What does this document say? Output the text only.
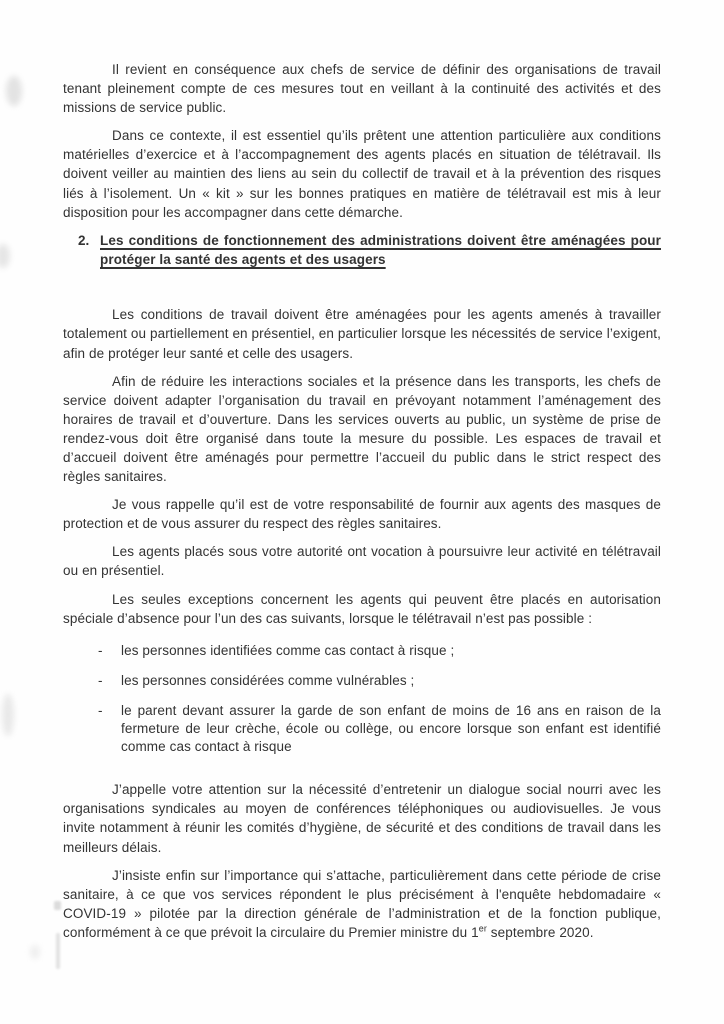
Il revient en conséquence aux chefs de service de définir des organisations de travail tenant pleinement compte de ces mesures tout en veillant à la continuité des activités et des missions de service public.

Dans ce contexte, il est essentiel qu’ils prêtent une attention particulière aux conditions matérielles d’exercice et à l’accompagnement des agents placés en situation de télétravail. Ils doivent veiller au maintien des liens au sein du collectif de travail et à la prévention des risques liés à l’isolement. Un « kit » sur les bonnes pratiques en matière de télétravail est mis à leur disposition pour les accompagner dans cette démarche.

2. Les conditions de fonctionnement des administrations doivent être aménagées pour protéger la santé des agents et des usagers

Les conditions de travail doivent être aménagées pour les agents amenés à travailler totalement ou partiellement en présentiel, en particulier lorsque les nécessités de service l’exigent, afin de protéger leur santé et celle des usagers.

Afin de réduire les interactions sociales et la présence dans les transports, les chefs de service doivent adapter l’organisation du travail en prévoyant notamment l’aménagement des horaires de travail et d’ouverture. Dans les services ouverts au public, un système de prise de rendez-vous doit être organisé dans toute la mesure du possible. Les espaces de travail et d’accueil doivent être aménagés pour permettre l’accueil du public dans le strict respect des règles sanitaires.

Je vous rappelle qu’il est de votre responsabilité de fournir aux agents des masques de protection et de vous assurer du respect des règles sanitaires.

Les agents placés sous votre autorité ont vocation à poursuivre leur activité en télétravail ou en présentiel.

Les seules exceptions concernent les agents qui peuvent être placés en autorisation spéciale d’absence pour l’un des cas suivants, lorsque le télétravail n’est pas possible :

-	les personnes identifiées comme cas contact à risque ;
-	les personnes considérées comme vulnérables ;
-	le parent devant assurer la garde de son enfant de moins de 16 ans en raison de la fermeture de leur crèche, école ou collège, ou encore lorsque son enfant est identifié comme cas contact à risque

J’appelle votre attention sur la nécessité d’entretenir un dialogue social nourri avec les organisations syndicales au moyen de conférences téléphoniques ou audiovisuelles. Je vous invite notamment à réunir les comités d’hygiène, de sécurité et des conditions de travail dans les meilleurs délais.

J’insiste enfin sur l’importance qui s’attache, particulièrement dans cette période de crise sanitaire, à ce que vos services répondent le plus précisément à l'enquête hebdomadaire « COVID-19 » pilotée par la direction générale de l’administration et de la fonction publique, conformément à ce que prévoit la circulaire du Premier ministre du 1er septembre 2020.
